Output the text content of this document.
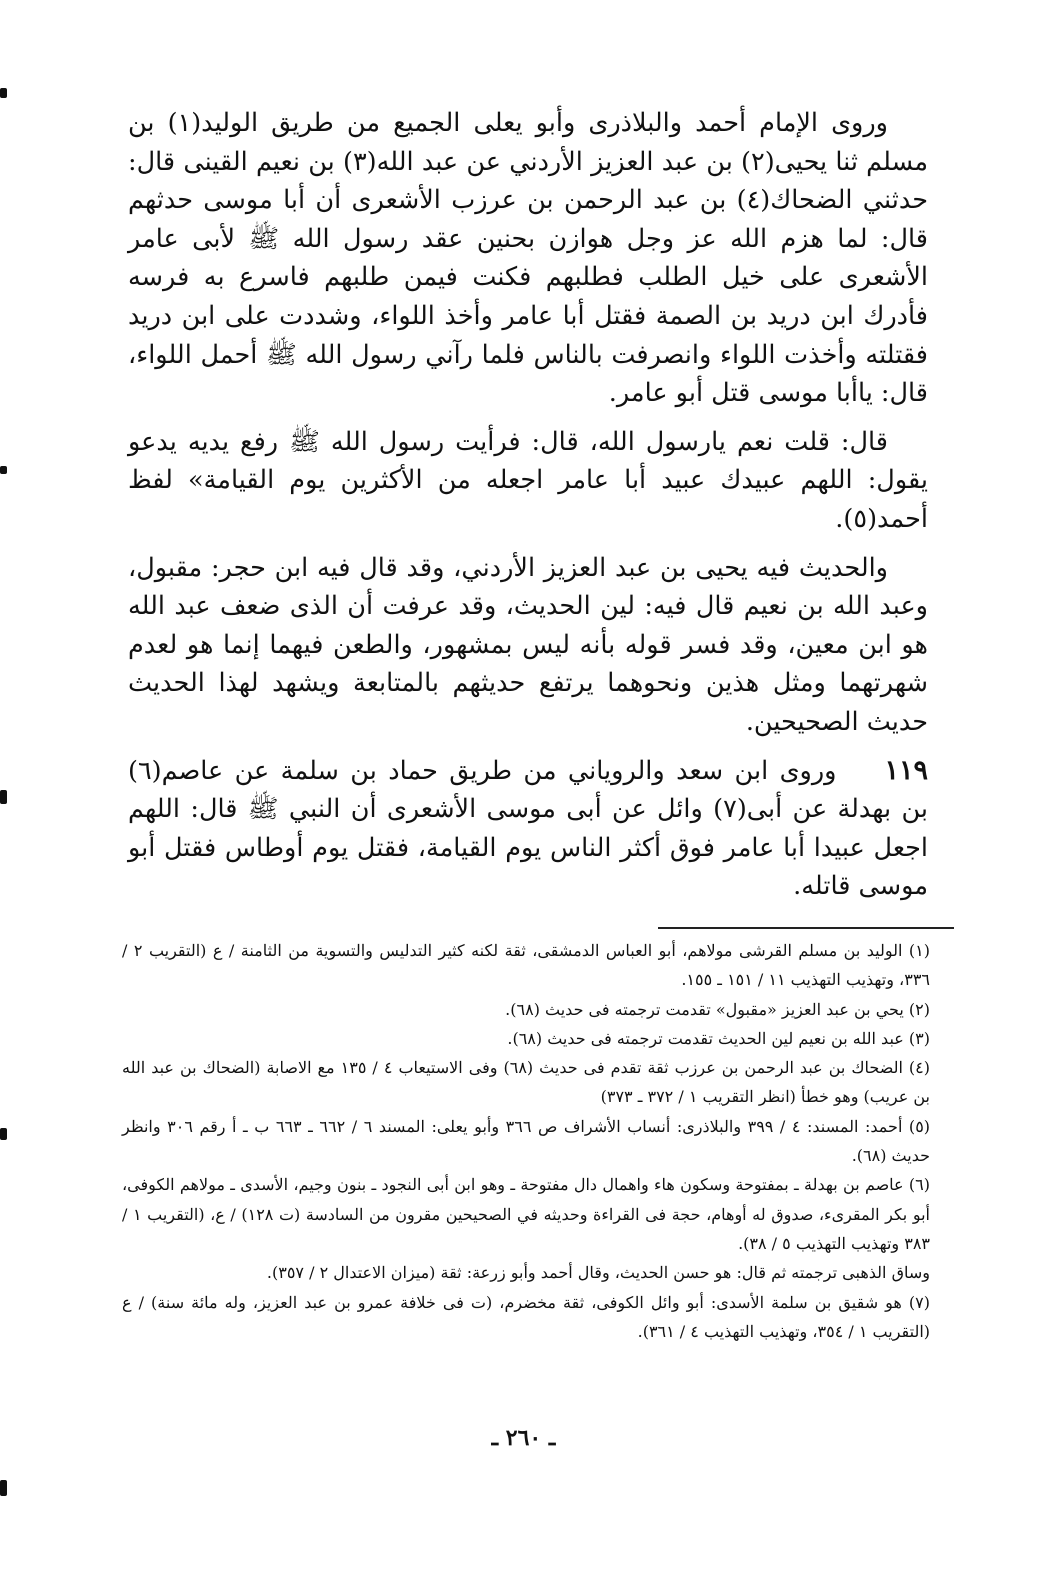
وروى الإمام أحمد والبلاذرى وأبو يعلى الجميع من طريق الوليد(١) بن مسلم ثنا يحيى(٢) بن عبد العزيز الأردني عن عبد الله(٣) بن نعيم القينى قال: حدثني الضحاك(٤) بن عبد الرحمن بن عرزب الأشعرى أن أبا موسى حدثهم قال: لما هزم الله عز وجل هوازن بحنين عقد رسول الله ﷺ لأبى عامر الأشعرى على خيل الطلب فطلبهم فكنت فيمن طلبهم فاسرع به فرسه فأدرك ابن دريد بن الصمة فقتل أبا عامر وأخذ اللواء، وشددت على ابن دريد فقتلته وأخذت اللواء وانصرفت بالناس فلما رآني رسول الله ﷺ أحمل اللواء، قال: ياأبا موسى قتل أبو عامر.

قال: قلت نعم يارسول الله، قال: فرأيت رسول الله ﷺ رفع يديه يدعو يقول: اللهم عبيدك عبيد أبا عامر اجعله من الأكثرين يوم القيامة» لفظ أحمد(٥).

والحديث فيه يحيى بن عبد العزيز الأردني، وقد قال فيه ابن حجر: مقبول، وعبد الله بن نعيم قال فيه: لين الحديث، وقد عرفت أن الذى ضعف عبد الله هو ابن معين، وقد فسر قوله بأنه ليس بمشهور، والطعن فيهما إنما هو لعدم شهرتهما ومثل هذين ونحوهما يرتفع حديثهم بالمتابعة ويشهد لهذا الحديث حديث الصحيحين.

١١٩وروى ابن سعد والروياني من طريق حماد بن سلمة عن عاصم(٦) بن بهدلة عن أبى(٧) وائل عن أبى موسى الأشعرى أن النبي ﷺ قال: اللهم اجعل عبيدا أبا عامر فوق أكثر الناس يوم القيامة، فقتل يوم أوطاس فقتل أبو موسى قاتله.

(١) الوليد بن مسلم القرشى مولاهم، أبو العباس الدمشقى، ثقة لكنه كثير التدليس والتسوية من الثامنة / ع (التقريب ٢ / ٣٣٦، وتهذيب التهذيب ١١ / ١٥١ ـ ١٥٥.

(٢) يحي بن عبد العزيز «مقبول» تقدمت ترجمته فى حديث (٦٨).

(٣) عبد الله بن نعيم لين الحديث تقدمت ترجمته فى حديث (٦٨).

(٤) الضحاك بن عبد الرحمن بن عرزب ثقة تقدم فى حديث (٦٨) وفى الاستيعاب ٤ / ١٣٥ مع الاصابة (الضحاك بن عبد الله بن عريب) وهو خطأ (انظر التقريب ١ / ٣٧٢ ـ ٣٧٣)

(٥) أحمد: المسند: ٤ / ٣٩٩ والبلاذرى: أنساب الأشراف ص ٣٦٦ وأبو يعلى: المسند ٦ / ٦٦٢ ـ ٦٦٣ ب ـ أ رقم ٣٠٦ وانظر حديث (٦٨).

(٦) عاصم بن بهدلة ـ بمفتوحة وسكون هاء واهمال دال مفتوحة ـ وهو ابن أبى النجود ـ بنون وجيم، الأسدى ـ مولاهم الكوفى، أبو بكر المقرىء، صدوق له أوهام، حجة فى القراءة وحديثه في الصحيحين مقرون من السادسة (ت ١٢٨) / ع، (التقريب ١ / ٣٨٣ وتهذيب التهذيب ٥ / ٣٨).

وساق الذهبى ترجمته ثم قال: هو حسن الحديث، وقال أحمد وأبو زرعة: ثقة (ميزان الاعتدال ٢ / ٣٥٧).

(٧) هو شقيق بن سلمة الأسدى: أبو وائل الكوفى، ثقة مخضرم، (ت فى خلافة عمرو بن عبد العزيز، وله مائة سنة) / ع (التقريب ١ / ٣٥٤، وتهذيب التهذيب ٤ / ٣٦١).

ـ ٢٦٠ ـ
